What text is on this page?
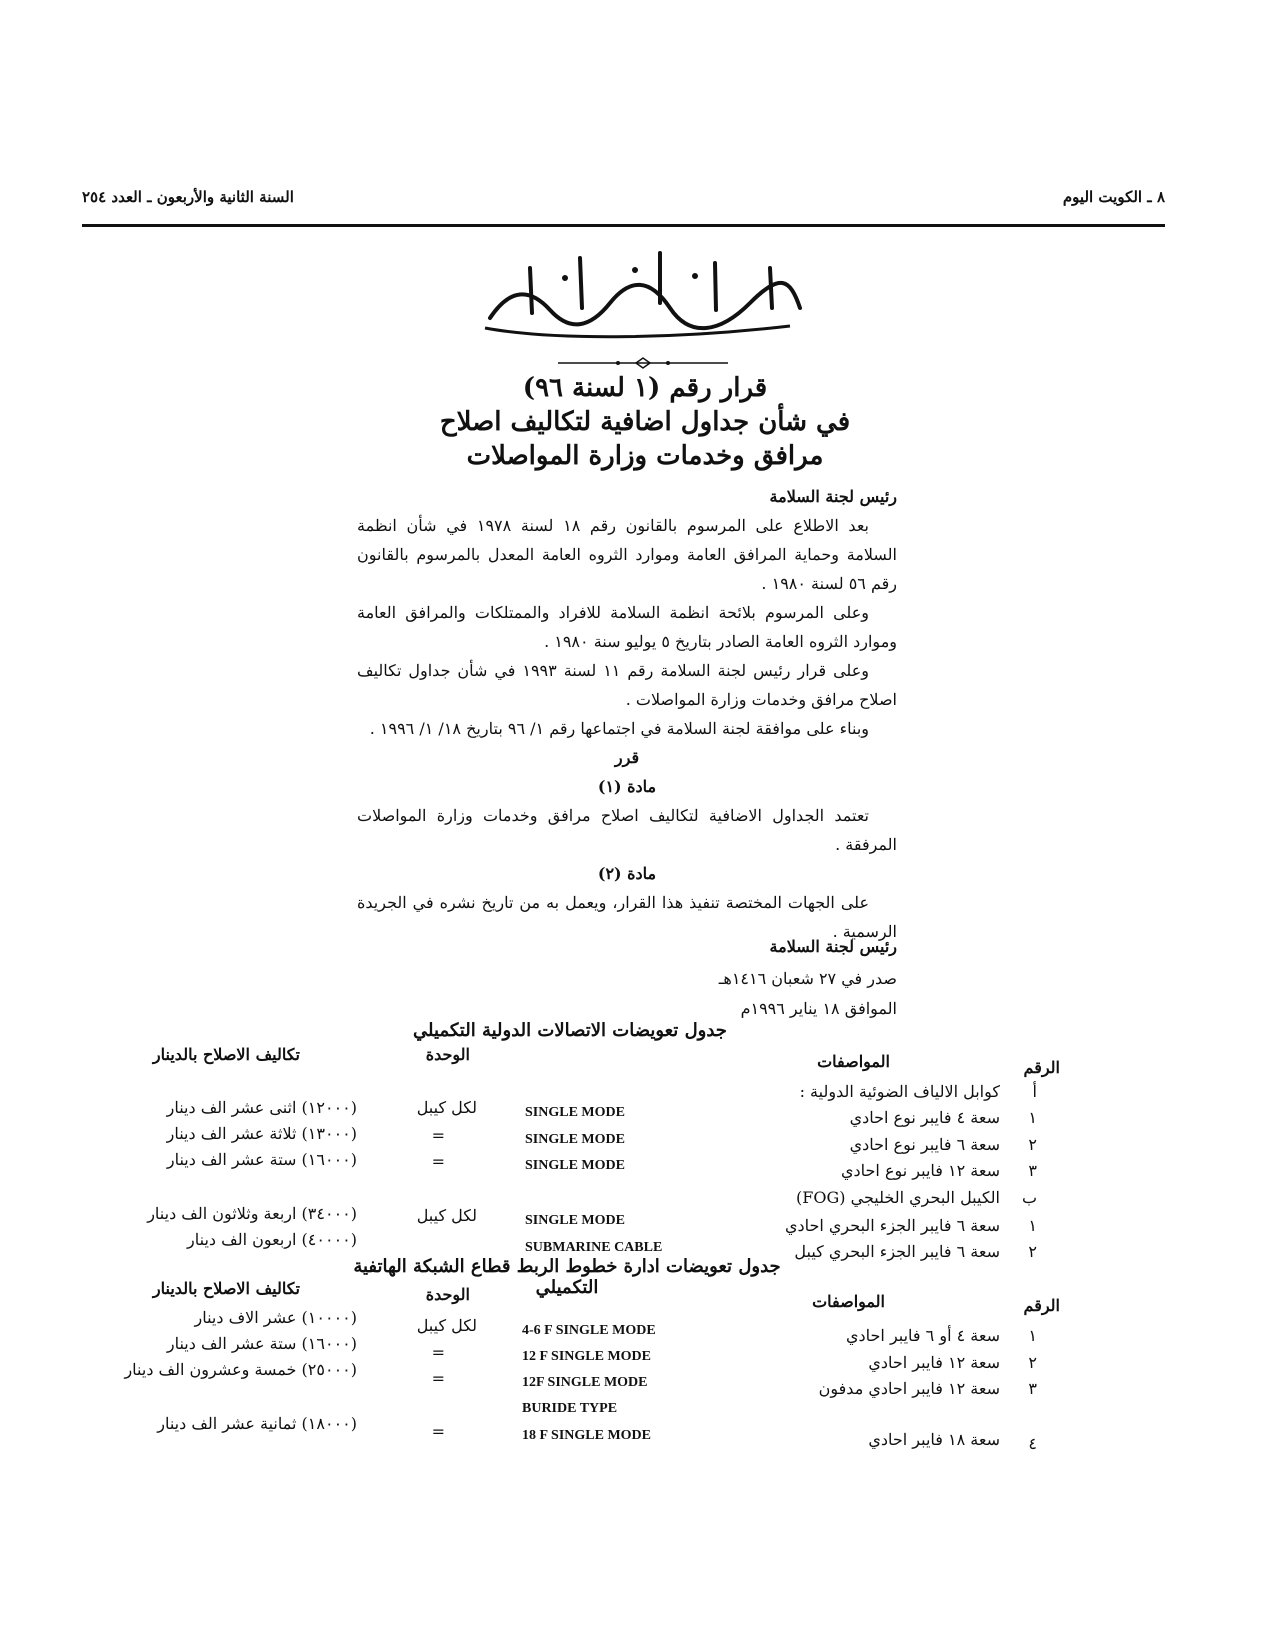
السنة الثانية والأربعون ـ العدد ٢٥٤	٨ ـ الكويت اليوم
قرار رقم (١ لسنة ٩٦)
في شأن جداول اضافية لتكاليف اصلاح
مرافق وخدمات وزارة المواصلات

رئيس لجنة السلامة

بعد الاطلاع على المرسوم بالقانون رقم ١٨ لسنة ١٩٧٨ في شأن انظمة السلامة وحماية المرافق العامة وموارد الثروه العامة المعدل بالمرسوم بالقانون رقم ٥٦ لسنة ١٩٨٠ .

وعلى المرسوم بلائحة انظمة السلامة للافراد والممتلكات والمرافق العامة وموارد الثروه العامة الصادر بتاريخ ٥ يوليو سنة ١٩٨٠ .

وعلى قرار رئيس لجنة السلامة رقم ١١ لسنة ١٩٩٣ في شأن جداول تكاليف اصلاح مرافق وخدمات وزارة المواصلات .

وبناء على موافقة لجنة السلامة في اجتماعها رقم ١/ ٩٦ بتاريخ ١٨/ ١/ ١٩٩٦ .

قرر

مادة (١)

تعتمد الجداول الاضافية لتكاليف اصلاح مرافق وخدمات وزارة المواصلات المرفقة .

مادة (٢)

على الجهات المختصة تنفيذ هذا القرار، ويعمل به من تاريخ نشره في الجريدة الرسمية .

رئيس لجنة السلامة
صدر في ٢٧ شعبان ١٤١٦هـ
الموافق ١٨ يناير ١٩٩٦م
جدول تعويضات الاتصالات الدولية التكميلي
الرقم
المواصفات
الوحدة
تكاليف الاصلاح بالدينار
أ
كوابل الالياف الضوئية الدولية :
١
سعة ٤ فايبر نوع احادي
SINGLE MODE
لكل كيبل
(١٢٠٠٠) اثنى عشر الف دينار
٢
سعة ٦ فايبر نوع احادي
SINGLE MODE
=
(١٣٠٠٠) ثلاثة عشر الف دينار
٣
سعة ١٢ فايبر نوع احادي
SINGLE MODE
=
(١٦٠٠٠) ستة عشر الف دينار
ب
الكيبل البحري الخليجي (FOG)
١
سعة ٦ فايبر الجزء البحري احادي
SINGLE MODE
لكل كيبل
(٣٤٠٠٠) اربعة وثلاثون الف دينار
٢
سعة ٦ فايبر الجزء البحري كيبل
SUBMARINE CABLE
(٤٠٠٠٠) اربعون الف دينار
جدول تعويضات ادارة خطوط الربط قطاع الشبكة الهاتفية التكميلي
الرقم
المواصفات
الوحدة
تكاليف الاصلاح بالدينار
١
سعة ٤ أو ٦ فايبر احادي
4-6 F SINGLE MODE
لكل كيبل
(١٠٠٠٠) عشر الاف دينار
٢
سعة ١٢ فايبر احادي
12 F SINGLE MODE
=
(١٦٠٠٠) ستة عشر الف دينار
٣
سعة ١٢ فايبر احادي مدفون
12F SINGLE MODE
BURIDE TYPE
=
(٢٥٠٠٠) خمسة وعشرون الف دينار
٤
سعة ١٨ فايبر احادي
18 F SINGLE MODE
=
(١٨٠٠٠) ثمانية عشر الف دينار
